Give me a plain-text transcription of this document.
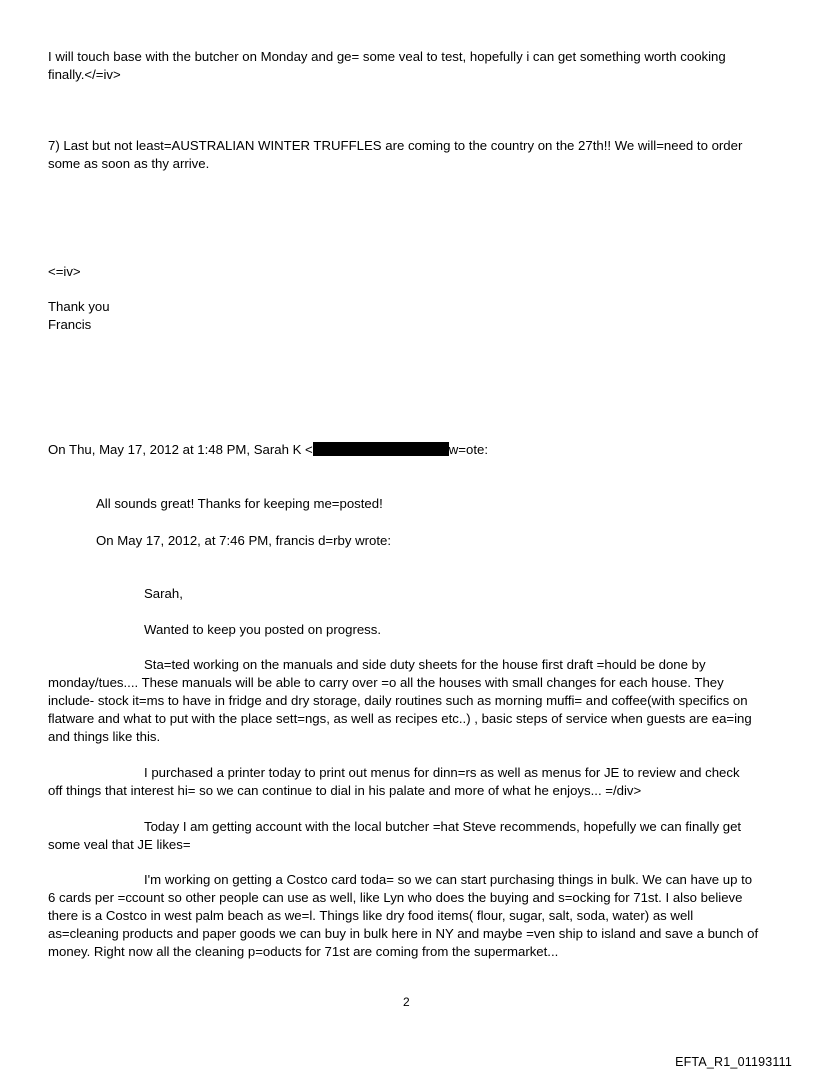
I will touch base with the butcher on Monday and ge= some veal to test, hopefully i can get something worth cooking
finally.</=iv>
7) Last but not least=AUSTRALIAN WINTER TRUFFLES are coming to the country on the 27th!! We will=need to order
some as soon as thy arrive.

<=iv>

Thank you

Francis

On Thu, May 17, 2012 at 1:48 PM, Sarah K <	w=ote:

All sounds great! Thanks for keeping me=posted!

On May 17, 2012, at 7:46 PM, francis d=rby wrote:

Sarah,

Wanted to keep you posted on progress.

Sta=ted working on the manuals and side duty sheets for the house first draft =hould be done by
monday/tues.... These manuals will be able to carry over =o all the houses with small changes for each house. They
include- stock it=ms to have in fridge and dry storage, daily routines such as morning muffi= and coffee(with specifics on
flatware and what to put with the place sett=ngs, as well as recipes etc..) , basic steps of service when guests are ea=ing
and things like this.
I purchased a printer today to print out menus for dinn=rs as well as menus for JE to review and check
off things that interest hi= so we can continue to dial in his palate and more of what he enjoys... =/div>
Today I am getting account with the local butcher =hat Steve recommends, hopefully we can finally get
some veal that JE likes=
I'm working on getting a Costco card toda= so we can start purchasing things in bulk. We can have up to
6 cards per =ccount so other people can use as well, like Lyn who does the buying and s=ocking for 71st. I also believe
there is a Costco in west palm beach as we=l. Things like dry food items( flour, sugar, salt, soda, water) as well
as=cleaning products and paper goods we can buy in bulk here in NY and maybe =ven ship to island and save a bunch of
money. Right now all the cleaning p=oducts for 71st are coming from the supermarket...
2
EFTA_R1_01193111
